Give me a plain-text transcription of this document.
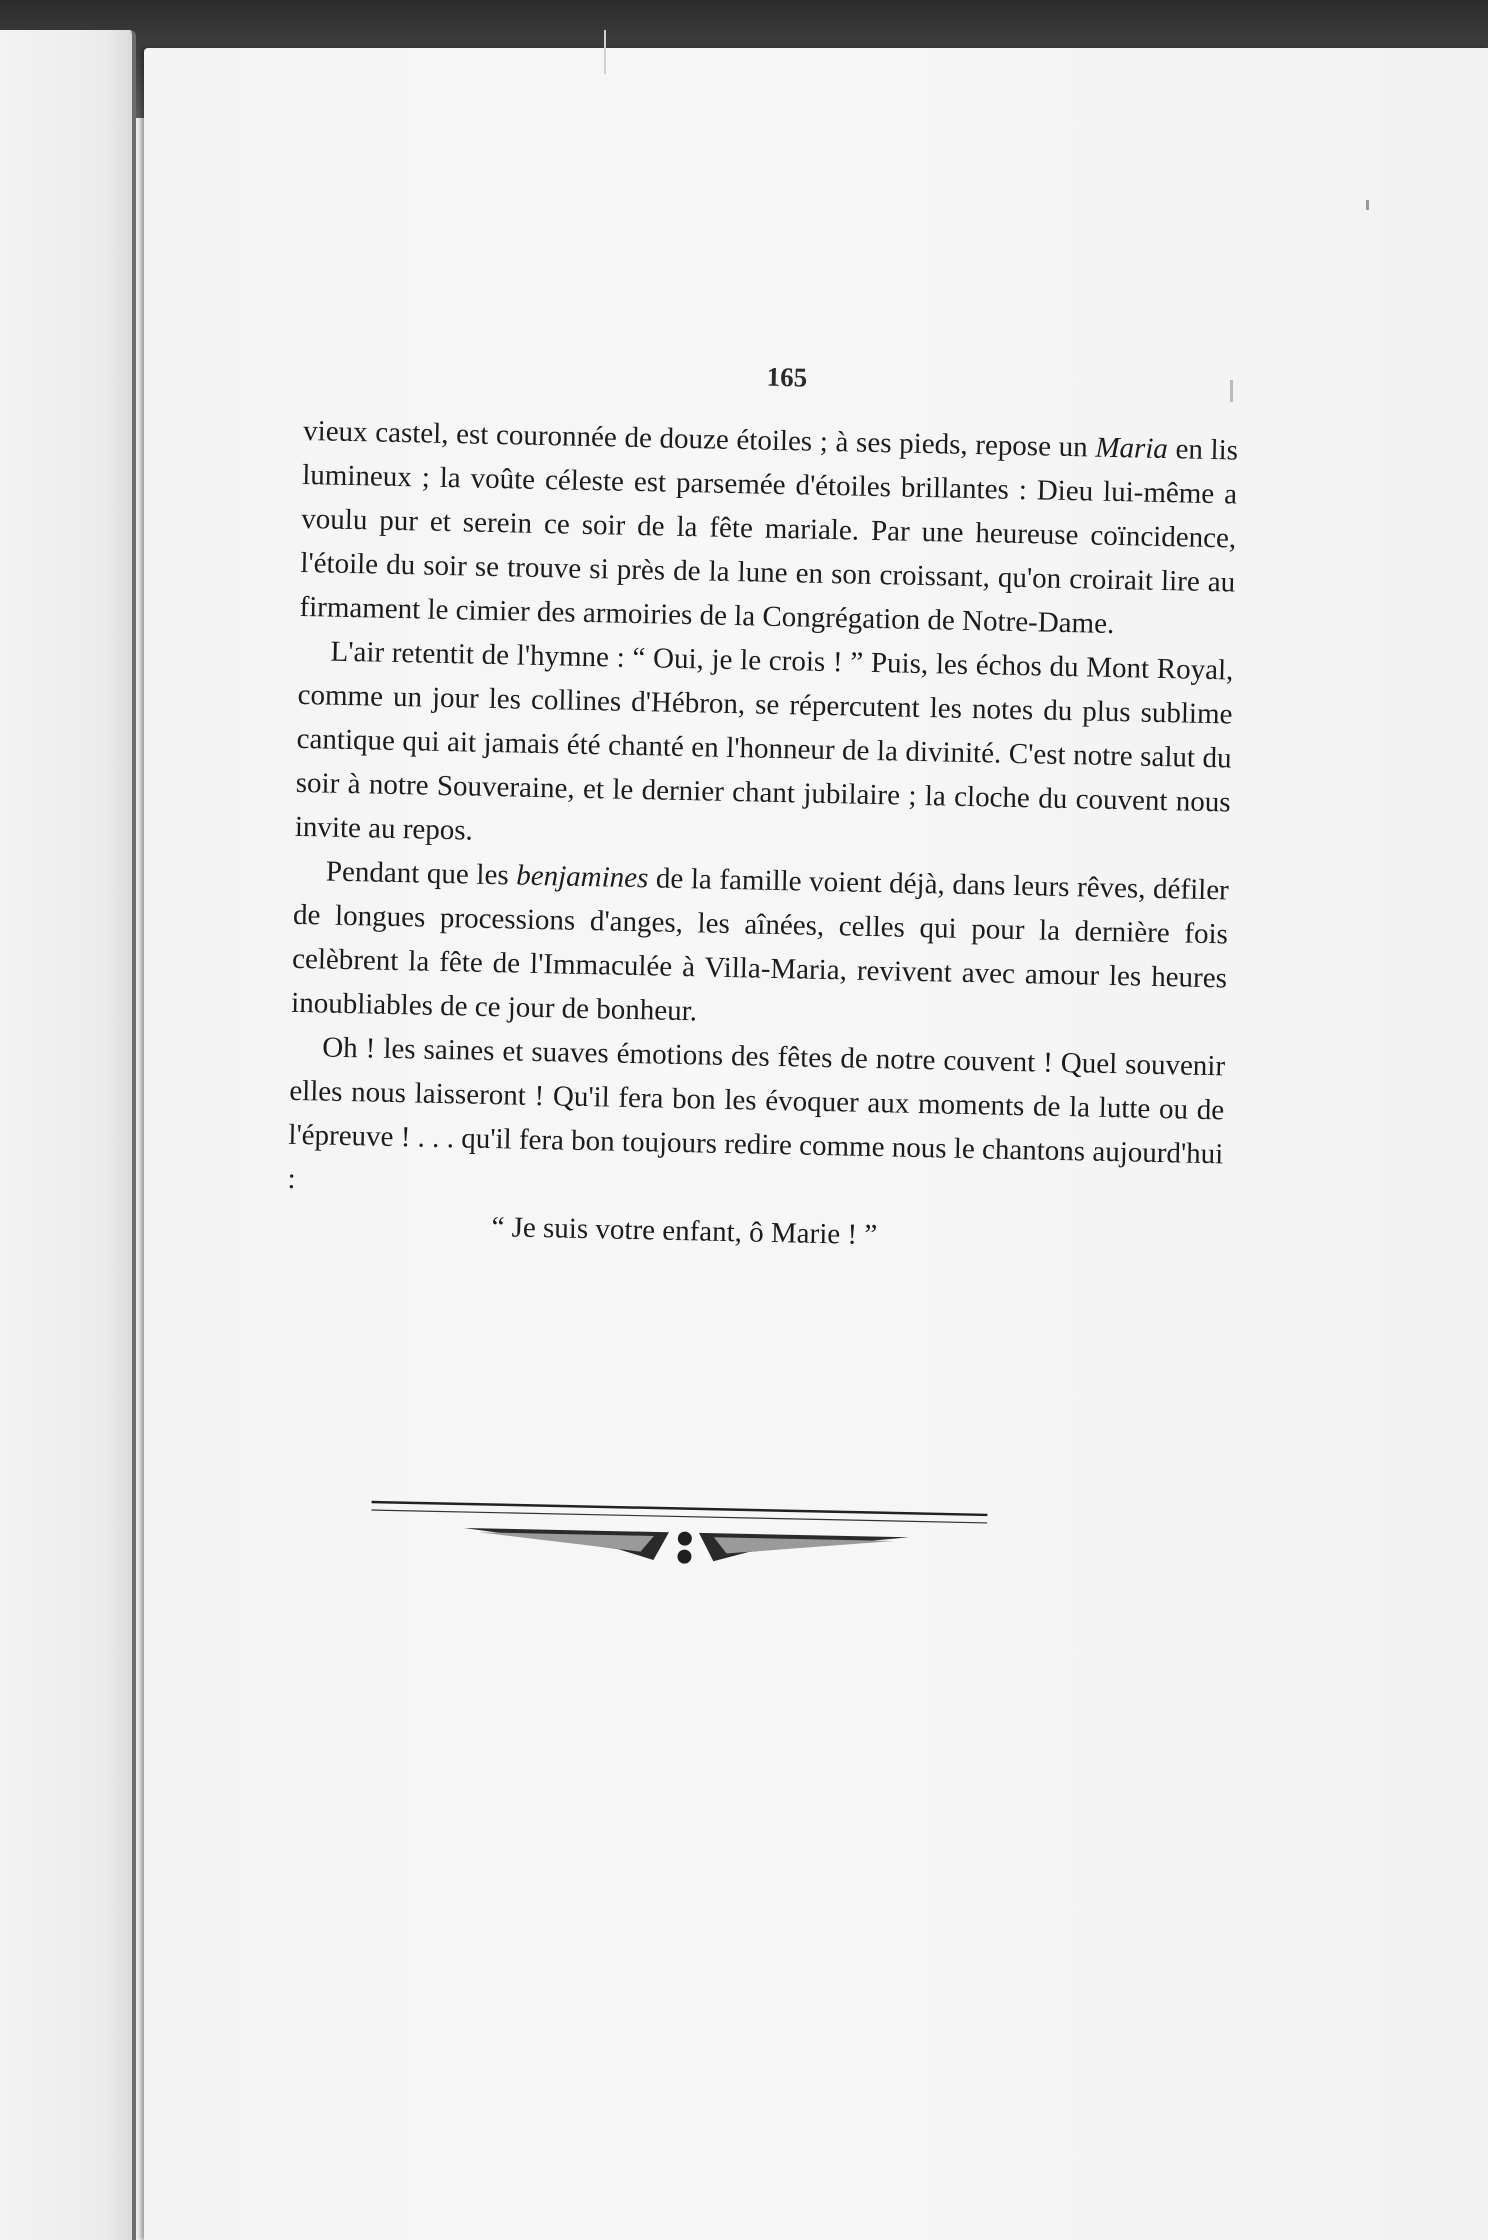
165

vieux castel, est couronnée de douze étoiles ; à ses pieds, repose un Maria en lis lumineux ; la voûte céleste est parsemée d'étoiles brillantes : Dieu lui-même a voulu pur et serein ce soir de la fête mariale. Par une heureuse coïncidence, l'étoile du soir se trouve si près de la lune en son croissant, qu'on croirait lire au firmament le cimier des armoiries de la Congrégation de Notre-Dame.

L'air retentit de l'hymne : “ Oui, je le crois ! ” Puis, les échos du Mont Royal, comme un jour les collines d'Hébron, se répercutent les notes du plus sublime cantique qui ait jamais été chanté en l'honneur de la divinité. C'est notre salut du soir à notre Souveraine, et le dernier chant jubilaire ; la cloche du couvent nous invite au repos.

Pendant que les benjamines de la famille voient déjà, dans leurs rêves, défiler de longues processions d'anges, les aînées, celles qui pour la dernière fois celèbrent la fête de l'Immaculée à Villa-Maria, revivent avec amour les heures inoubliables de ce jour de bonheur.

Oh ! les saines et suaves émotions des fêtes de notre couvent ! Quel souvenir elles nous laisseront ! Qu'il fera bon les évoquer aux moments de la lutte ou de l'épreuve ! . . . qu'il fera bon toujours redire comme nous le chantons aujourd'hui :

“ Je suis votre enfant, ô Marie ! ”
